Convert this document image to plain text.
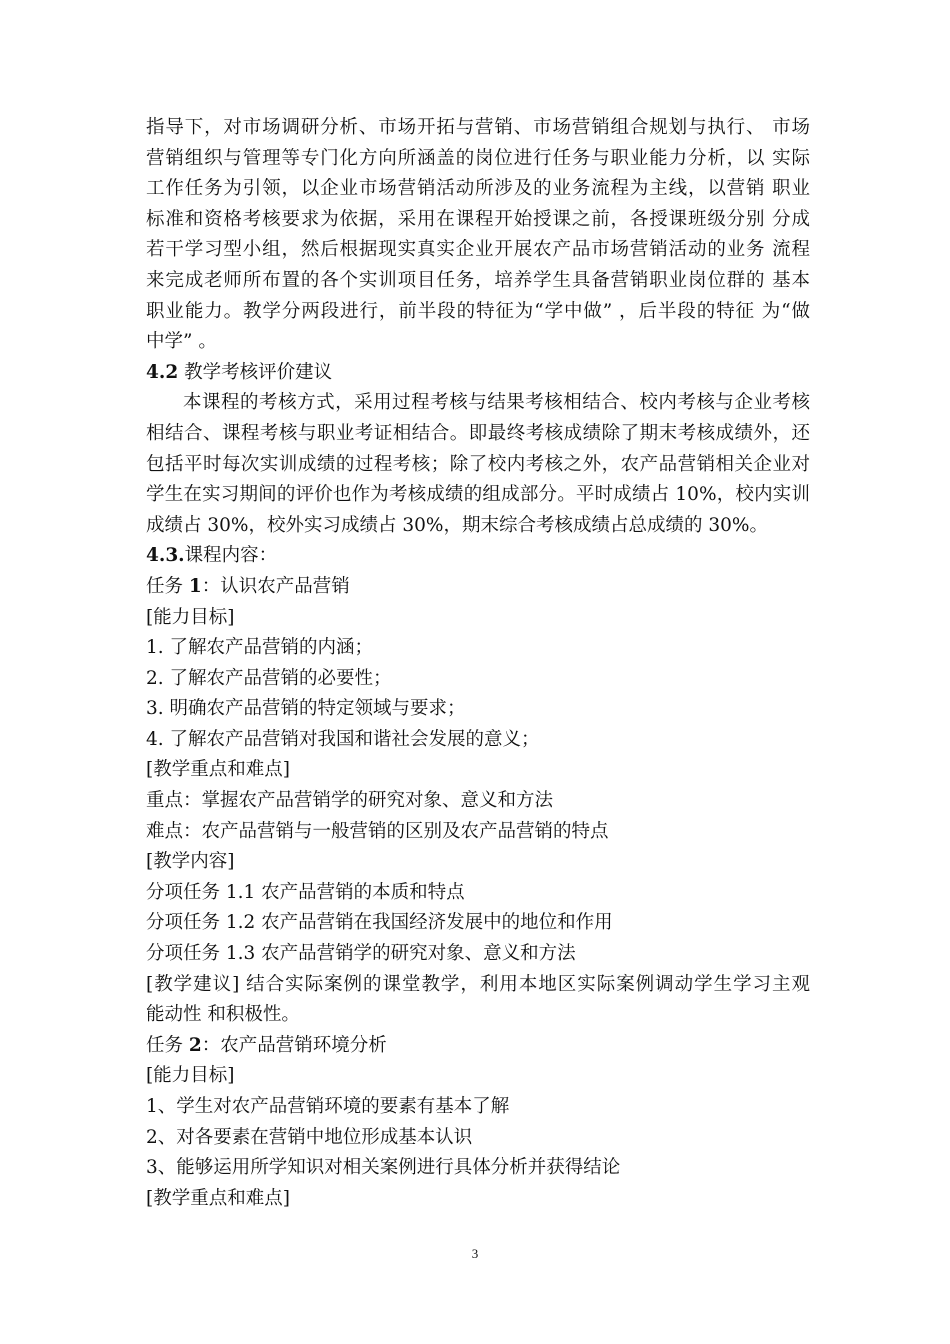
指导下，对市场调研分析、市场开拓与营销、市场营销组合规划与执行、 市场
营销组织与管理等专门化方向所涵盖的岗位进行任务与职业能力分析，以 实际
工作任务为引领，以企业市场营销活动所涉及的业务流程为主线，以营销 职业
标准和资格考核要求为依据，采用在课程开始授课之前，各授课班级分别 分成
若干学习型小组，然后根据现实真实企业开展农产品市场营销活动的业务 流程
来完成老师所布置的各个实训项目任务，培养学生具备营销职业岗位群的 基本
职业能力。教学分两段进行，前半段的特征为“学中做” ，后半段的特征 为“做
中学” 。
4.2 教学考核评价建议
本课程的考核方式，采用过程考核与结果考核相结合、校内考核与企业考核
相结合、课程考核与职业考证相结合。即最终考核成绩除了期末考核成绩外，还
包括平时每次实训成绩的过程考核；除了校内考核之外，农产品营销相关企业对
学生在实习期间的评价也作为考核成绩的组成部分。平时成绩占 10%，校内实训
成绩占 30%，校外实习成绩占 30%，期末综合考核成绩占总成绩的 30%。
4.3.课程内容：
任务 1：认识农产品营销
[能力目标]
1. 了解农产品营销的内涵；
2. 了解农产品营销的必要性；
3. 明确农产品营销的特定领域与要求；
4. 了解农产品营销对我国和谐社会发展的意义；
[教学重点和难点]
重点：掌握农产品营销学的研究对象、意义和方法
难点：农产品营销与一般营销的区别及农产品营销的特点
[教学内容]
分项任务 1.1 农产品营销的本质和特点
分项任务 1.2 农产品营销在我国经济发展中的地位和作用
分项任务 1.3 农产品营销学的研究对象、意义和方法
[教学建议] 结合实际案例的课堂教学，利用本地区实际案例调动学生学习主观
能动性 和积极性。
任务 2：农产品营销环境分析
[能力目标]
1、学生对农产品营销环境的要素有基本了解
2、对各要素在营销中地位形成基本认识
3、能够运用所学知识对相关案例进行具体分析并获得结论
[教学重点和难点]
3
